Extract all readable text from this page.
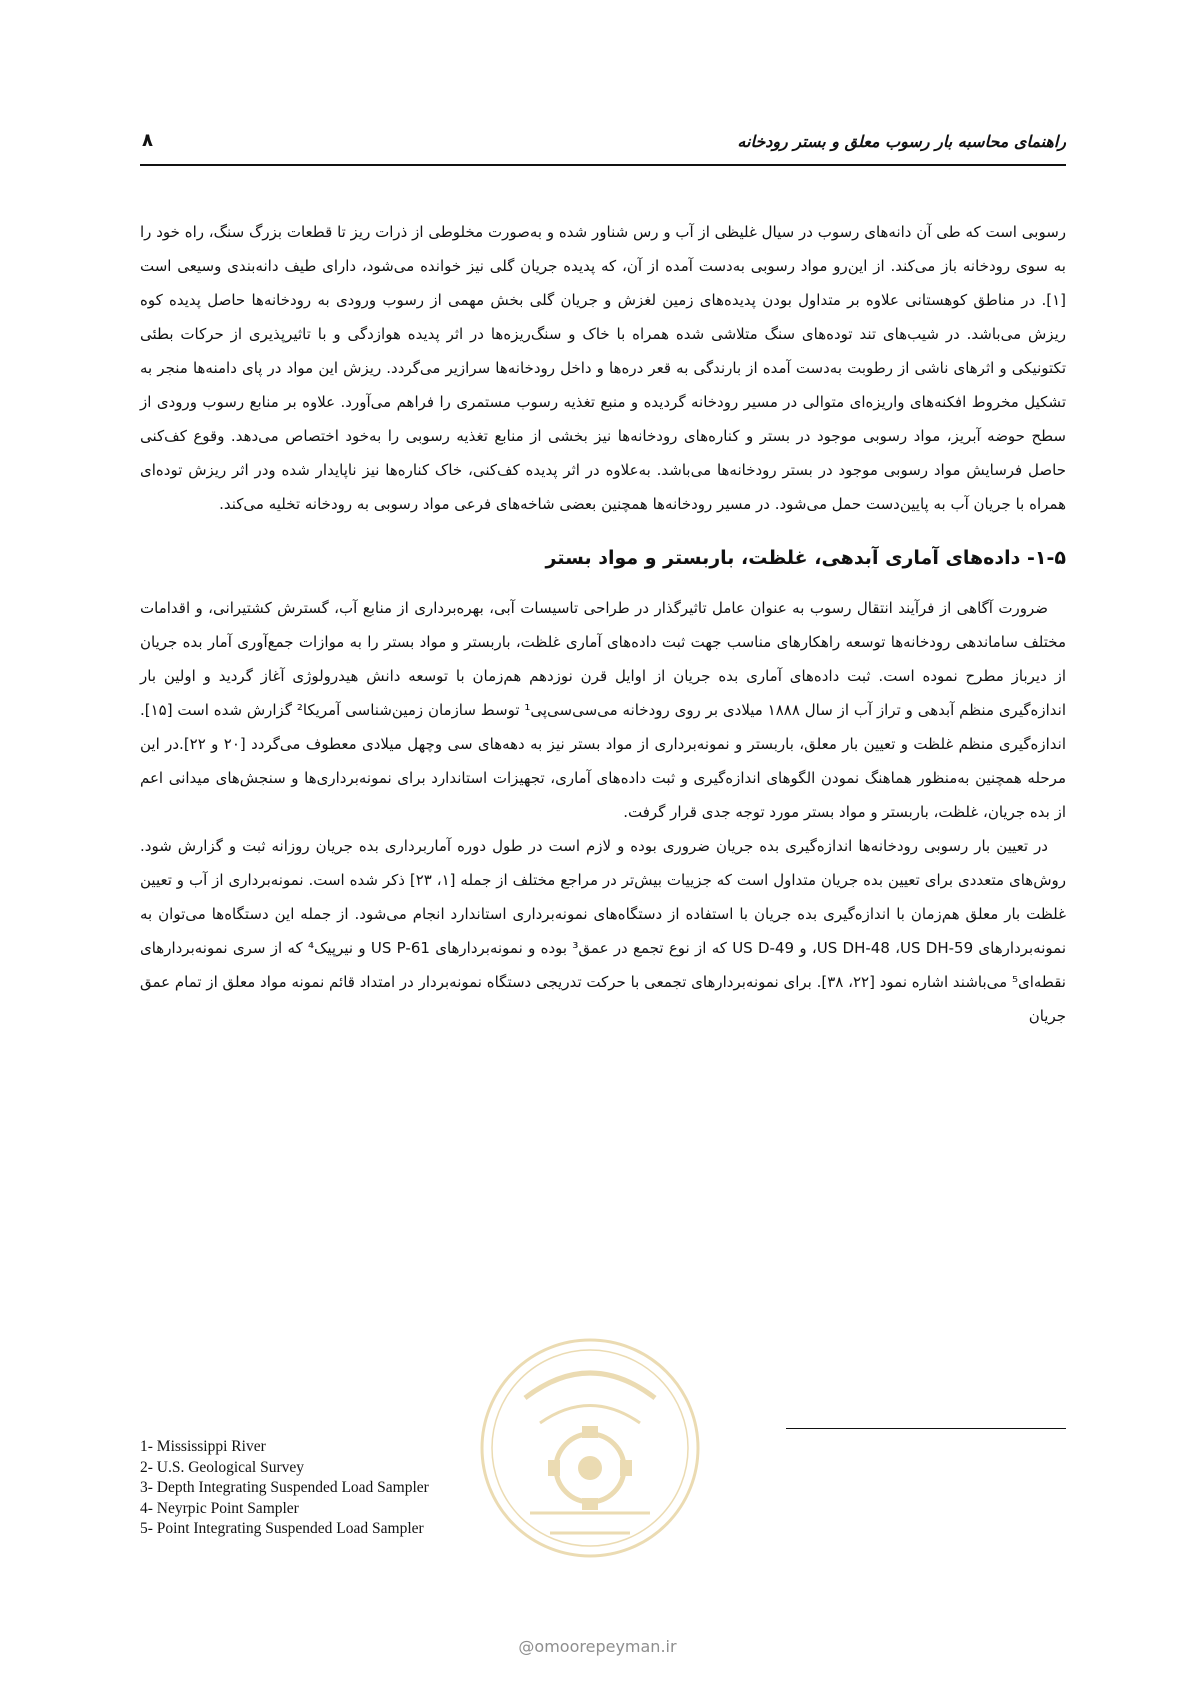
راهنمای محاسبه بار رسوب معلق و بستر رودخانه
۸

رسوبی است که طی آن دانه‌های رسوب در سیال غلیظی از آب و رس شناور شده و به‌صورت مخلوطی از ذرات ریز تا قطعات بزرگ سنگ، راه خود را به سوی رودخانه باز می‌کند. از این‌رو مواد رسوبی به‌دست آمده از آن، که پدیده جریان گلی نیز خوانده می‌شود، دارای طیف دانه‌بندی وسیعی است [۱]. در مناطق کوهستانی علاوه بر متداول بودن پدیده‌های زمین لغزش و جریان گلی بخش مهمی از رسوب ورودی به رودخانه‌ها حاصل پدیده کوه ریزش می‌باشد. در شیب‌های تند توده‌های سنگ متلاشی شده همراه با خاک و سنگ‌ریزه‌ها در اثر پدیده هوازدگی و با تاثیرپذیری از حرکات بطئی تکتونیکی و اثرهای ناشی از رطوبت به‌دست آمده از بارندگی به قعر دره‌ها و داخل رودخانه‌ها سرازیر می‌گردد. ریزش این مواد در پای دامنه‌ها منجر به تشکیل مخروط افکنه‌های واریزه‌ای متوالی در مسیر رودخانه گردیده و منبع تغذیه رسوب مستمری را فراهم می‌آورد. علاوه بر منابع رسوب ورودی از سطح حوضه آبریز، مواد رسوبی موجود در بستر و کناره‌های رودخانه‌ها نیز بخشی از منابع تغذیه رسوبی را به‌خود اختصاص می‌دهد. وقوع کف‌کنی حاصل فرسایش مواد رسوبی موجود در بستر رودخانه‌ها می‌باشد. به‌علاوه در اثر پدیده کف‌کنی، خاک کناره‌ها نیز ناپایدار شده ودر اثر ریزش توده‌ای همراه با جریان آب به پایین‌دست حمل می‌شود. در مسیر رودخانه‌ها همچنین بعضی شاخه‌های فرعی مواد رسوبی به رودخانه تخلیه می‌کند.

۱-۵- داده‌های آماری آبدهی، غلظت، باربستر و مواد بستر

ضرورت آگاهی از فرآیند انتقال رسوب به عنوان عامل تاثیرگذار در طراحی تاسیسات آبی، بهره‌برداری از منابع آب، گسترش کشتیرانی، و اقدامات مختلف ساماندهی رودخانه‌ها توسعه راهکارهای مناسب جهت ثبت داده‌های آماری غلظت، باربستر و مواد بستر را به موازات جمع‌آوری آمار بده جریان از دیرباز مطرح نموده است. ثبت داده‌های آماری بده جریان از اوایل قرن نوزدهم هم‌زمان با توسعه دانش هیدرولوژی آغاز گردید و اولین بار اندازه‌گیری منظم آبدهی و تراز آب از سال ۱۸۸۸ میلادی بر روی رودخانه می‌سی‌سی‌پی¹ توسط سازمان زمین‌شناسی آمریکا² گزارش شده است [۱۵]. اندازه‌گیری منظم غلظت و تعیین بار معلق، باربستر و نمونه‌برداری از مواد بستر نیز به دهه‌های سی وچهل میلادی معطوف می‌گردد [۲۰ و ۲۲].در این مرحله همچنین به‌منظور هماهنگ نمودن الگوهای اندازه‌گیری و ثبت داده‌های آماری، تجهیزات استاندارد برای نمونه‌برداری‌ها و سنجش‌های میدانی اعم از بده جریان، غلظت، باربستر و مواد بستر مورد توجه جدی قرار گرفت.

در تعیین بار رسوبی رودخانه‌ها اندازه‌گیری بده جریان ضروری بوده و لازم است در طول دوره آماربرداری بده جریان روزانه ثبت و گزارش شود. روش‌های متعددی برای تعیین بده جریان متداول است که جزییات بیش‌تر در مراجع مختلف از جمله [۱، ۲۳] ذکر شده است. نمونه‌برداری از آب و تعیین غلظت بار معلق هم‌زمان با اندازه‌گیری بده جریان با استفاده از دستگاه‌های نمونه‌برداری استاندارد انجام می‌شود. از جمله این دستگاه‌ها می‌توان به نمونه‌بردارهای US DH-48 ،US DH-59، و US D-49 که از نوع تجمع در عمق³ بوده و نمونه‌بردارهای US P-61 و نیرپیک⁴ که از سری نمونه‌بردارهای نقطه‌ای⁵ می‌باشند اشاره نمود [۲۲، ۳۸]. برای نمونه‌بردارهای تجمعی با حرکت تدریجی دستگاه نمونه‌بردار در امتداد قائم نمونه مواد معلق از تمام عمق جریان

1- Mississippi River
2- U.S. Geological Survey
3- Depth Integrating Suspended Load Sampler
4- Neyrpic Point Sampler
5- Point Integrating Suspended Load Sampler
@omoorepeyman.ir
